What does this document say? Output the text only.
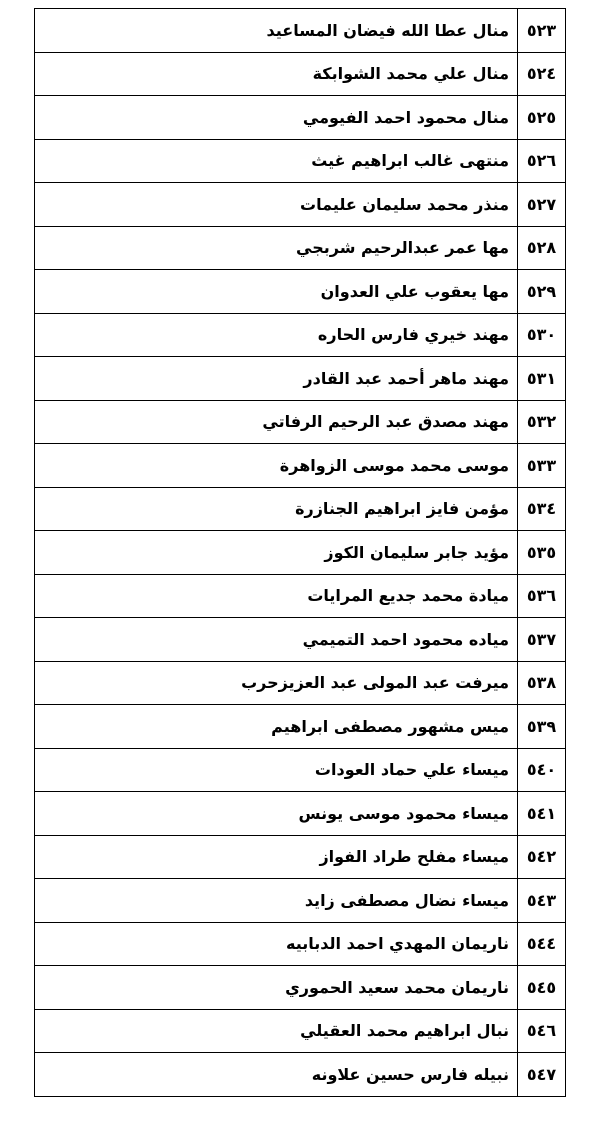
٥٢٣	منال عطا الله فيضان المساعيد
٥٢٤	منال علي محمد الشوابكة
٥٢٥	منال محمود احمد الفيومي
٥٢٦	منتهى غالب ابراهيم غيث
٥٢٧	منذر محمد سليمان عليمات
٥٢٨	مها عمر عبدالرحيم شربجي
٥٢٩	مها يعقوب علي العدوان
٥٣٠	مهند خيري فارس الحاره
٥٣١	مهند ماهر أحمد عبد القادر
٥٣٢	مهند مصدق عبد الرحيم الرفاتي
٥٣٣	موسى محمد موسى الزواهرة
٥٣٤	مؤمن فايز ابراهيم الجنازرة
٥٣٥	مؤيد جابر سليمان الكوز
٥٣٦	ميادة محمد جديع المرايات
٥٣٧	مياده محمود احمد التميمي
٥٣٨	ميرفت عبد المولى عبد العزيزحرب
٥٣٩	ميس مشهور مصطفى ابراهيم
٥٤٠	ميساء علي حماد العودات
٥٤١	ميساء محمود موسى يونس
٥٤٢	ميساء مفلح طراد الفواز
٥٤٣	ميساء نضال مصطفى زايد
٥٤٤	ناريمان المهدي احمد الدبابيه
٥٤٥	ناريمان محمد سعيد الحموري
٥٤٦	نبال ابراهيم محمد العقيلي
٥٤٧	نبيله فارس حسين علاونه
